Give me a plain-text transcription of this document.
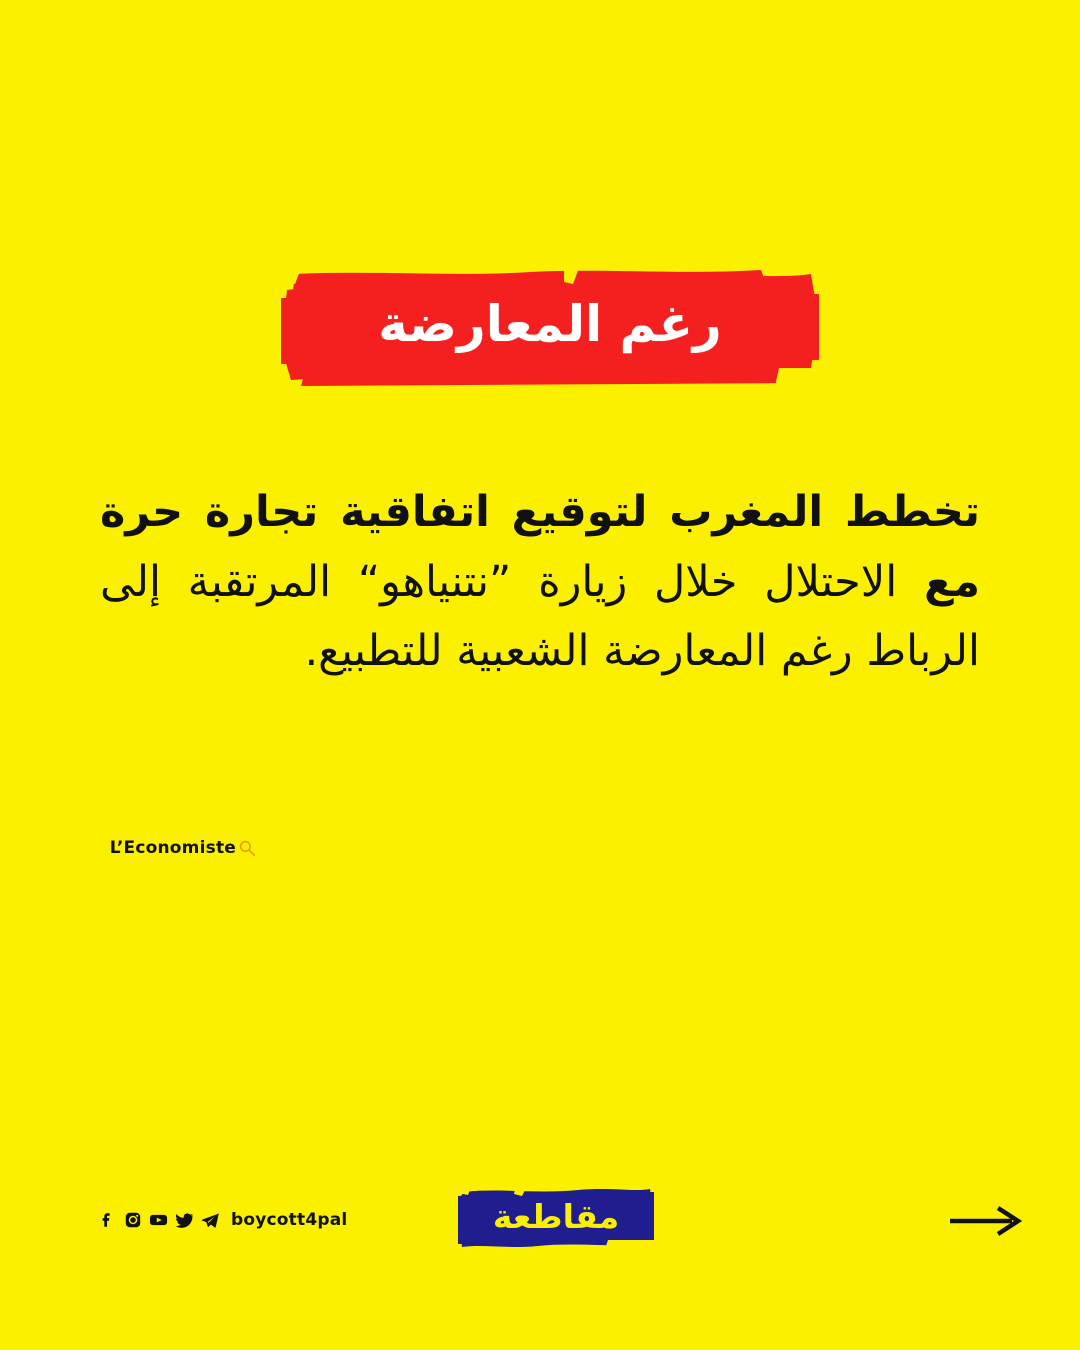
رغم المعارضة
تخطط المغرب لتوقيع اتفاقية تجارة حرة مع الاحتلال خلال زيارة ”نتنياهو“ المرتقبة إلى الرباط رغم المعارضة الشعبية للتطبيع.
L’Economiste
boycott4pal	مقاطعة
